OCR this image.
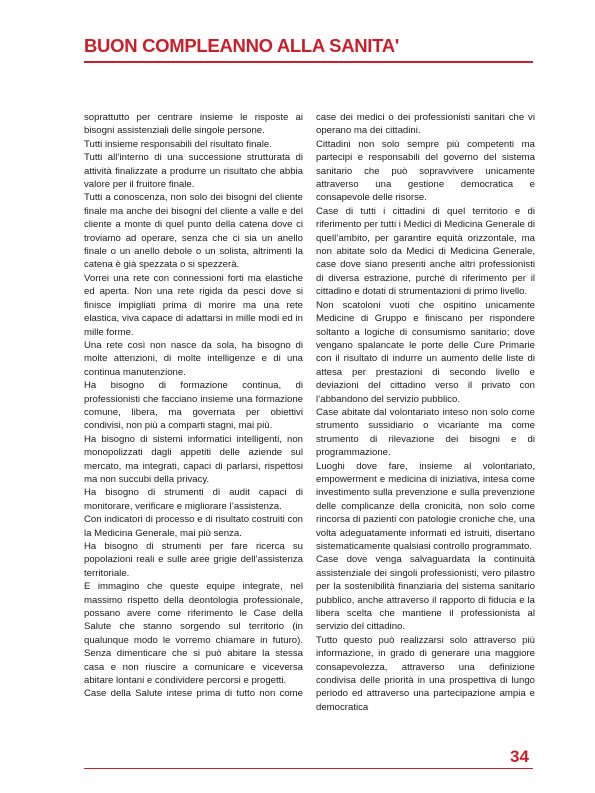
BUON COMPLEANNO ALLA SANITA'

soprattutto per centrare insieme le risposte ai bisogni assistenziali delle singole persone.

Tutti insieme responsabili del risultato finale.

Tutti all’interno di una successione strutturata di attività finalizzate a produrre un risultato che abbia valore per il fruitore finale.

Tutti a conoscenza, non solo dei bisogni del cliente finale ma anche dei bisogni del cliente a valle e del cliente a monte di quel punto della catena dove ci troviamo ad operare, senza che ci sia un anello finale o un anello debole o un solista, altrimenti la catena è già spezzata o si spezzerà.

Vorrei una rete con connessioni forti ma elastiche ed aperta. Non una rete rigida da pesci dove si finisce impigliati prima di morire ma una rete elastica, viva capace di adattarsi in mille modi ed in mille forme.

Una rete così non nasce da sola, ha bisogno di molte attenzioni, di molte intelligenze e di una continua manutenzione.

Ha bisogno di formazione continua, di professionisti che facciano insieme una formazione comune, libera, ma governata per obiettivi condivisi, non più a comparti stagni, mai più.

Ha bisogno di sistemi informatici intelligenti, non monopolizzati dagli appetiti delle aziende sul mercato, ma integrati, capaci di parlarsi, rispettosi ma non succubi della privacy.

Ha bisogno di strumenti di audit capaci di monitorare, verificare e migliorare l’assistenza.

Con indicatori di processo e di risultato costruiti con la Medicina Generale, mai più senza.

Ha bisogno di strumenti per fare ricerca su popolazioni reali e sulle aree grigie dell’assistenza territoriale.

E immagino che queste equipe integrate, nel massimo rispetto della deontologia professionale, possano avere come riferimento le Case della Salute che stanno sorgendo sul territorio (in qualunque modo le vorremo chiamare in futuro). Senza dimenticare che si può abitare la stessa casa e non riuscire a comunicare e viceversa abitare lontani e condividere percorsi e progetti.

Case della Salute intese prima di tutto non come

case dei medici o dei professionisti sanitari che vi operano ma dei cittadini.

Cittadini non solo sempre più competenti ma partecipi e responsabili del governo del sistema sanitario che può sopravvivere unicamente attraverso una gestione democratica e consapevole delle risorse.

Case di tutti i cittadini di quel territorio e di riferimento per tutti i Medici di Medicina Generale di quell’ambito, per garantire equità orizzontale, ma non abitate solo da Medici di Medicina Generale, case dove siano presenti anche altri professionisti di diversa estrazione, purché di riferimento per il cittadino e dotati di strumentazioni di primo livello.

Non scatoloni vuoti che ospitino unicamente Medicine di Gruppo e finiscano per rispondere soltanto a logiche di consumismo sanitario; dove vengano spalancate le porte delle Cure Primarie con il risultato di indurre un aumento delle liste di attesa per prestazioni di secondo livello e deviazioni del cittadino verso il privato con l’abbandono del servizio pubblico.

Case abitate dal volontariato inteso non solo come strumento sussidiario o vicariante ma come strumento di rilevazione dei bisogni e di programmazione.

Luoghi dove fare, insieme al volontariato, empowerment e medicina di iniziativa, intesa come investimento sulla prevenzione e sulla prevenzione delle complicanze della cronicità, non solo come rincorsa di pazienti con patologie croniche che, una volta adeguatamente informati ed istruiti, disertano sistematicamente qualsiasi controllo programmato.

Case dove venga salvaguardata la continuità assistenziale dei singoli professionisti, vero pilastro per la sostenibilità finanziaria del sistema sanitario pubblico, anche attraverso il rapporto di fiducia e la libera scelta che mantiene il professionista al servizio del cittadino.

Tutto questo può realizzarsi solo attraverso più informazione, in grado di generare una maggiore consapevolezza, attraverso una definizione condivisa delle priorità in una prospettiva di lungo periodo ed attraverso una partecipazione ampia e democratica

34
